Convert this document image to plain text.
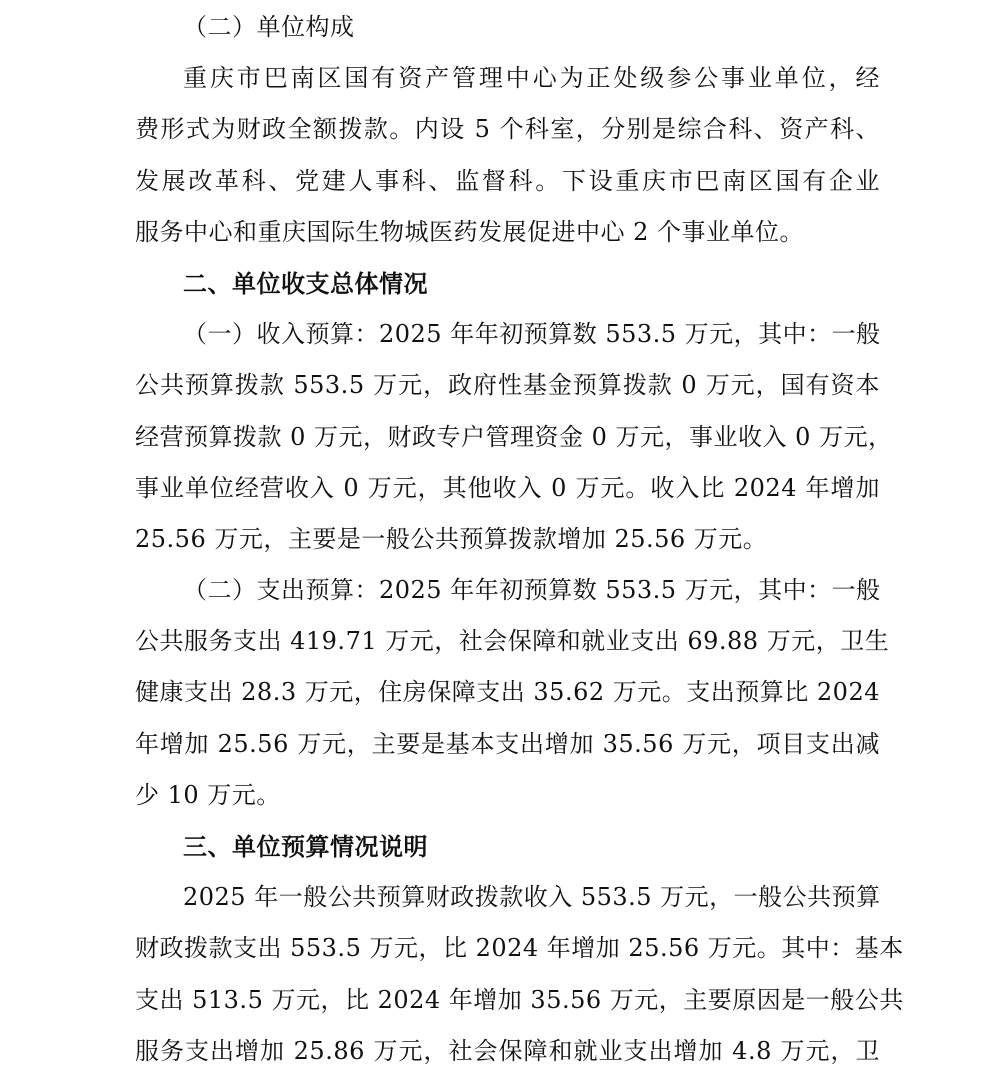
（二）单位构成
重庆市巴南区国有资产管理中心为正处级参公事业单位，经
费形式为财政全额拨款。内设 5 个科室，分别是综合科、资产科、
发展改革科、党建人事科、监督科。下设重庆市巴南区国有企业
服务中心和重庆国际生物城医药发展促进中心 2 个事业单位。
二、单位收支总体情况
（一）收入预算：2025 年年初预算数 553.5 万元，其中：一般
公共预算拨款 553.5 万元，政府性基金预算拨款 0 万元，国有资本
经营预算拨款 0 万元，财政专户管理资金 0 万元，事业收入 0 万元，
事业单位经营收入 0 万元，其他收入 0 万元。收入比 2024 年增加
25.56 万元，主要是一般公共预算拨款增加 25.56 万元。
（二）支出预算：2025 年年初预算数 553.5 万元，其中：一般
公共服务支出 419.71 万元，社会保障和就业支出 69.88 万元，卫生
健康支出 28.3 万元，住房保障支出 35.62 万元。支出预算比 2024
年增加 25.56 万元，主要是基本支出增加 35.56 万元，项目支出减
少 10 万元。
三、单位预算情况说明
2025 年一般公共预算财政拨款收入 553.5 万元，一般公共预算
财政拨款支出 553.5 万元，比 2024 年增加 25.56 万元。其中：基本
支出 513.5 万元，比 2024 年增加 35.56 万元，主要原因是一般公共
服务支出增加 25.86 万元，社会保障和就业支出增加 4.8 万元，卫
